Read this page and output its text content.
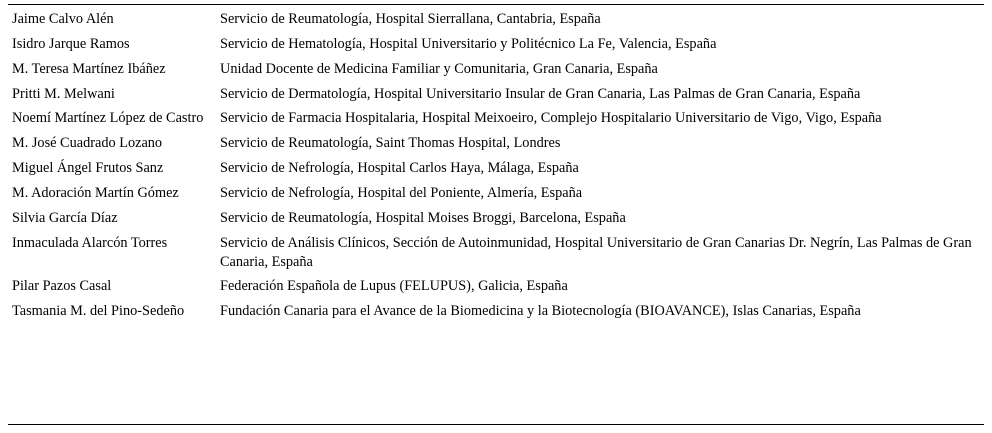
Jaime Calvo Alén	Servicio de Reumatología, Hospital Sierrallana, Cantabria, España
Isidro Jarque Ramos	Servicio de Hematología, Hospital Universitario y Politécnico La Fe, Valencia, España
M. Teresa Martínez Ibáñez	Unidad Docente de Medicina Familiar y Comunitaria, Gran Canaria, España
Pritti M. Melwani	Servicio de Dermatología, Hospital Universitario Insular de Gran Canaria, Las Palmas de Gran Canaria, España
Noemí Martínez López de Castro	Servicio de Farmacia Hospitalaria, Hospital Meixoeiro, Complejo Hospitalario Universitario de Vigo, Vigo, España
M. José Cuadrado Lozano	Servicio de Reumatología, Saint Thomas Hospital, Londres
Miguel Ángel Frutos Sanz	Servicio de Nefrología, Hospital Carlos Haya, Málaga, España
M. Adoración Martín Gómez	Servicio de Nefrología, Hospital del Poniente, Almería, España
Silvia García Díaz	Servicio de Reumatología, Hospital Moises Broggi, Barcelona, España
Inmaculada Alarcón Torres	Servicio de Análisis Clínicos, Sección de Autoinmunidad, Hospital Universitario de Gran Canarias Dr. Negrín, Las Palmas de Gran Canaria, España
Pilar Pazos Casal	Federación Española de Lupus (FELUPUS), Galicia, España
Tasmania M. del Pino-Sedeño	Fundación Canaria para el Avance de la Biomedicina y la Biotecnología (BIOAVANCE), Islas Canarias, España
